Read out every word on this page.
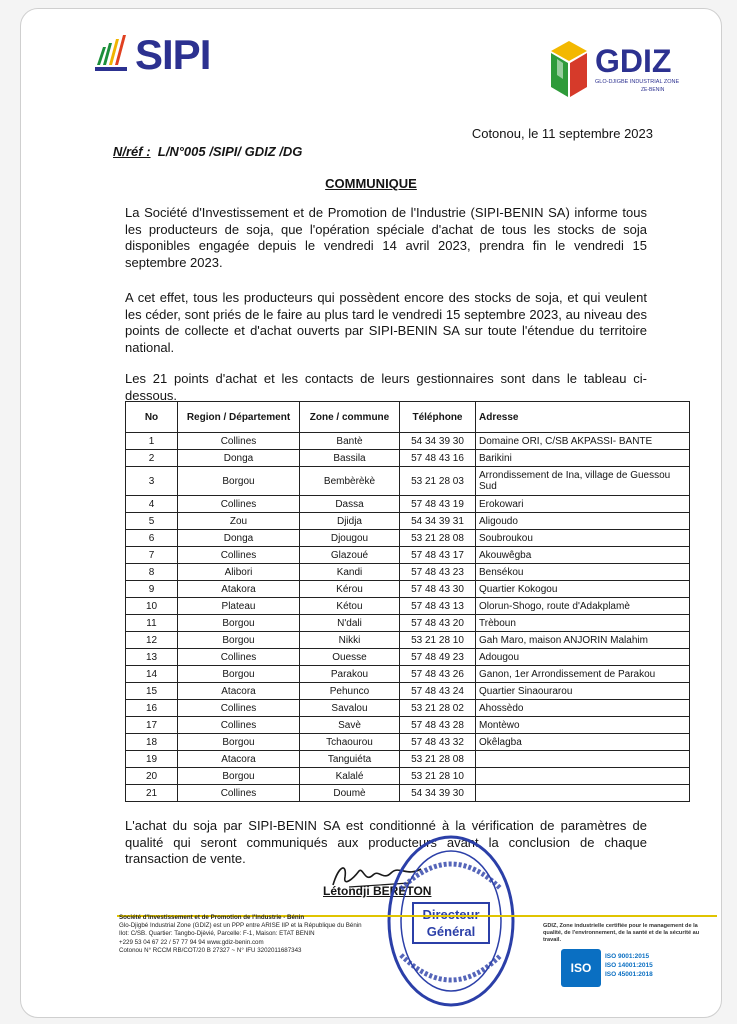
SIPI	GDIZ
GLO-DJIGBE INDUSTRIAL ZONE
ZE-BENIN
Cotonou, le 11 septembre 2023
N/réf : L/N°005 /SIPI/ GDIZ /DG
COMMUNIQUE
La Société d'Investissement et de Promotion de l'Industrie (SIPI-BENIN SA) informe tous les producteurs de soja, que l'opération spéciale d'achat de tous les stocks de soja disponibles engagée depuis le vendredi 14 avril 2023, prendra fin le vendredi 15 septembre 2023.
A cet effet, tous les producteurs qui possèdent encore des stocks de soja, et qui veulent les céder, sont priés de le faire au plus tard le vendredi 15 septembre 2023, au niveau des points de collecte et d'achat ouverts par SIPI-BENIN SA sur toute l'étendue du territoire national.
Les 21 points d'achat et les contacts de leurs gestionnaires sont dans le tableau ci-dessous.
No	Region / Département	Zone / commune	Téléphone	Adresse
1	Collines	Bantè	54 34 39 30	Domaine ORI, C/SB AKPASSI- BANTE
2	Donga	Bassila	57 48 43 16	Barikini
3	Borgou	Bembèrèkè	53 21 28 03	Arrondissement de Ina, village de Guessou Sud
4	Collines	Dassa	57 48 43 19	Erokowari
5	Zou	Djidja	54 34 39 31	Aligoudo
6	Donga	Djougou	53 21 28 08	Soubroukou
7	Collines	Glazoué	57 48 43 17	Akouwêgba
8	Alibori	Kandi	57 48 43 23	Bensékou
9	Atakora	Kérou	57 48 43 30	Quartier Kokogou
10	Plateau	Kétou	57 48 43 13	Olorun-Shogo, route d'Adakplamè
11	Borgou	N'dali	57 48 43 20	Trèboun
12	Borgou	Nikki	53 21 28 10	Gah Maro, maison ANJORIN Malahim
13	Collines	Ouesse	57 48 49 23	Adougou
14	Borgou	Parakou	57 48 43 26	Ganon, 1er Arrondissement de Parakou
15	Atacora	Pehunco	57 48 43 24	Quartier Sinaourarou
16	Collines	Savalou	53 21 28 02	Ahossèdo
17	Collines	Savè	57 48 43 28	Montèwo
18	Borgou	Tchaourou	57 48 43 32	Okêlagba
19	Atacora	Tanguiéta	53 21 28 08	
20	Borgou	Kalalé	53 21 28 10	
21	Collines	Doumè	54 34 39 30	
L'achat du soja par SIPI-BENIN SA est conditionné à la vérification de paramètres de qualité qui seront communiqués aux producteurs avant la conclusion de chaque transaction de vente.
Létondji BERETON
Général
Société d'Investissement et de Promotion de l'Industrie - Bénin
Glo-Djigbé Industrial Zone (GDIZ) est un PPP entre ARISE IIP et la République du Bénin
Ilot: C/SB. Quartier: Tangbo-Djèvié, Parcelle: F-1, Maison: ETAT BENIN
+229 53 04 67 22 / 57 77 94 94 www.gdiz-benin.com
Cotonou N° RCCM RB/COT/20 B 27327 ~ N° IFU 3202011687343
GDIZ, Zone industrielle certifiée pour le management de la qualité, de l'environnement, de la santé et de la sécurité au travail.
ISO
ISO 9001:2015
ISO 14001:2015
ISO 45001:2018
